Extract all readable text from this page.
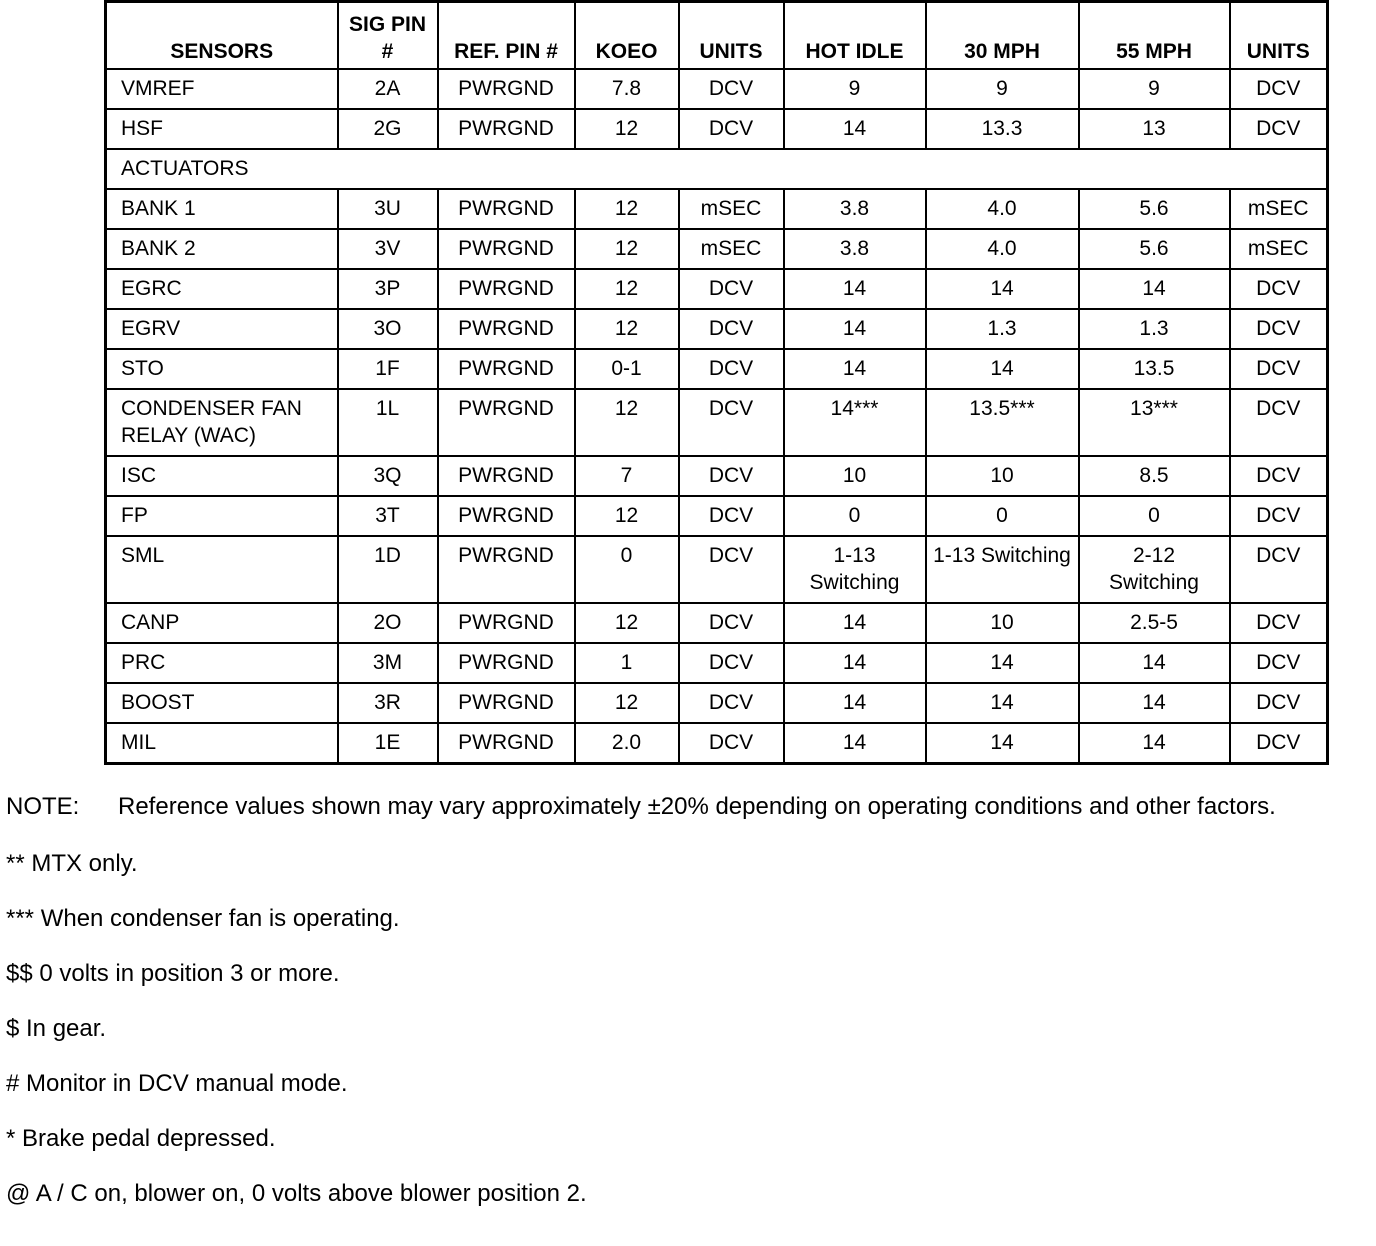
SENSORS	SIG PIN #	REF. PIN #	KOEO	UNITS	HOT IDLE	30 MPH	55 MPH	UNITS
VMREF	2A	PWRGND	7.8	DCV	9	9	9	DCV
HSF	2G	PWRGND	12	DCV	14	13.3	13	DCV
ACTUATORS								
BANK 1	3U	PWRGND	12	mSEC	3.8	4.0	5.6	mSEC
BANK 2	3V	PWRGND	12	mSEC	3.8	4.0	5.6	mSEC
EGRC	3P	PWRGND	12	DCV	14	14	14	DCV
EGRV	3O	PWRGND	12	DCV	14	1.3	1.3	DCV
STO	1F	PWRGND	0-1	DCV	14	14	13.5	DCV
CONDENSER FAN RELAY (WAC)	1L	PWRGND	12	DCV	14***	13.5***	13***	DCV
ISC	3Q	PWRGND	7	DCV	10	10	8.5	DCV
FP	3T	PWRGND	12	DCV	0	0	0	DCV
SML	1D	PWRGND	0	DCV	1-13 Switching	1-13 Switching	2-12 Switching	DCV
CANP	2O	PWRGND	12	DCV	14	10	2.5-5	DCV
PRC	3M	PWRGND	1	DCV	14	14	14	DCV
BOOST	3R	PWRGND	12	DCV	14	14	14	DCV
MIL	1E	PWRGND	2.0	DCV	14	14	14	DCV
NOTE:	Reference values shown may vary approximately ±20% depending on operating conditions and other factors.
** MTX only.
*** When condenser fan is operating.
$$ 0 volts in position 3 or more.
$ In gear.
# Monitor in DCV manual mode.
* Brake pedal depressed.
@ A / C on, blower on, 0 volts above blower position 2.
